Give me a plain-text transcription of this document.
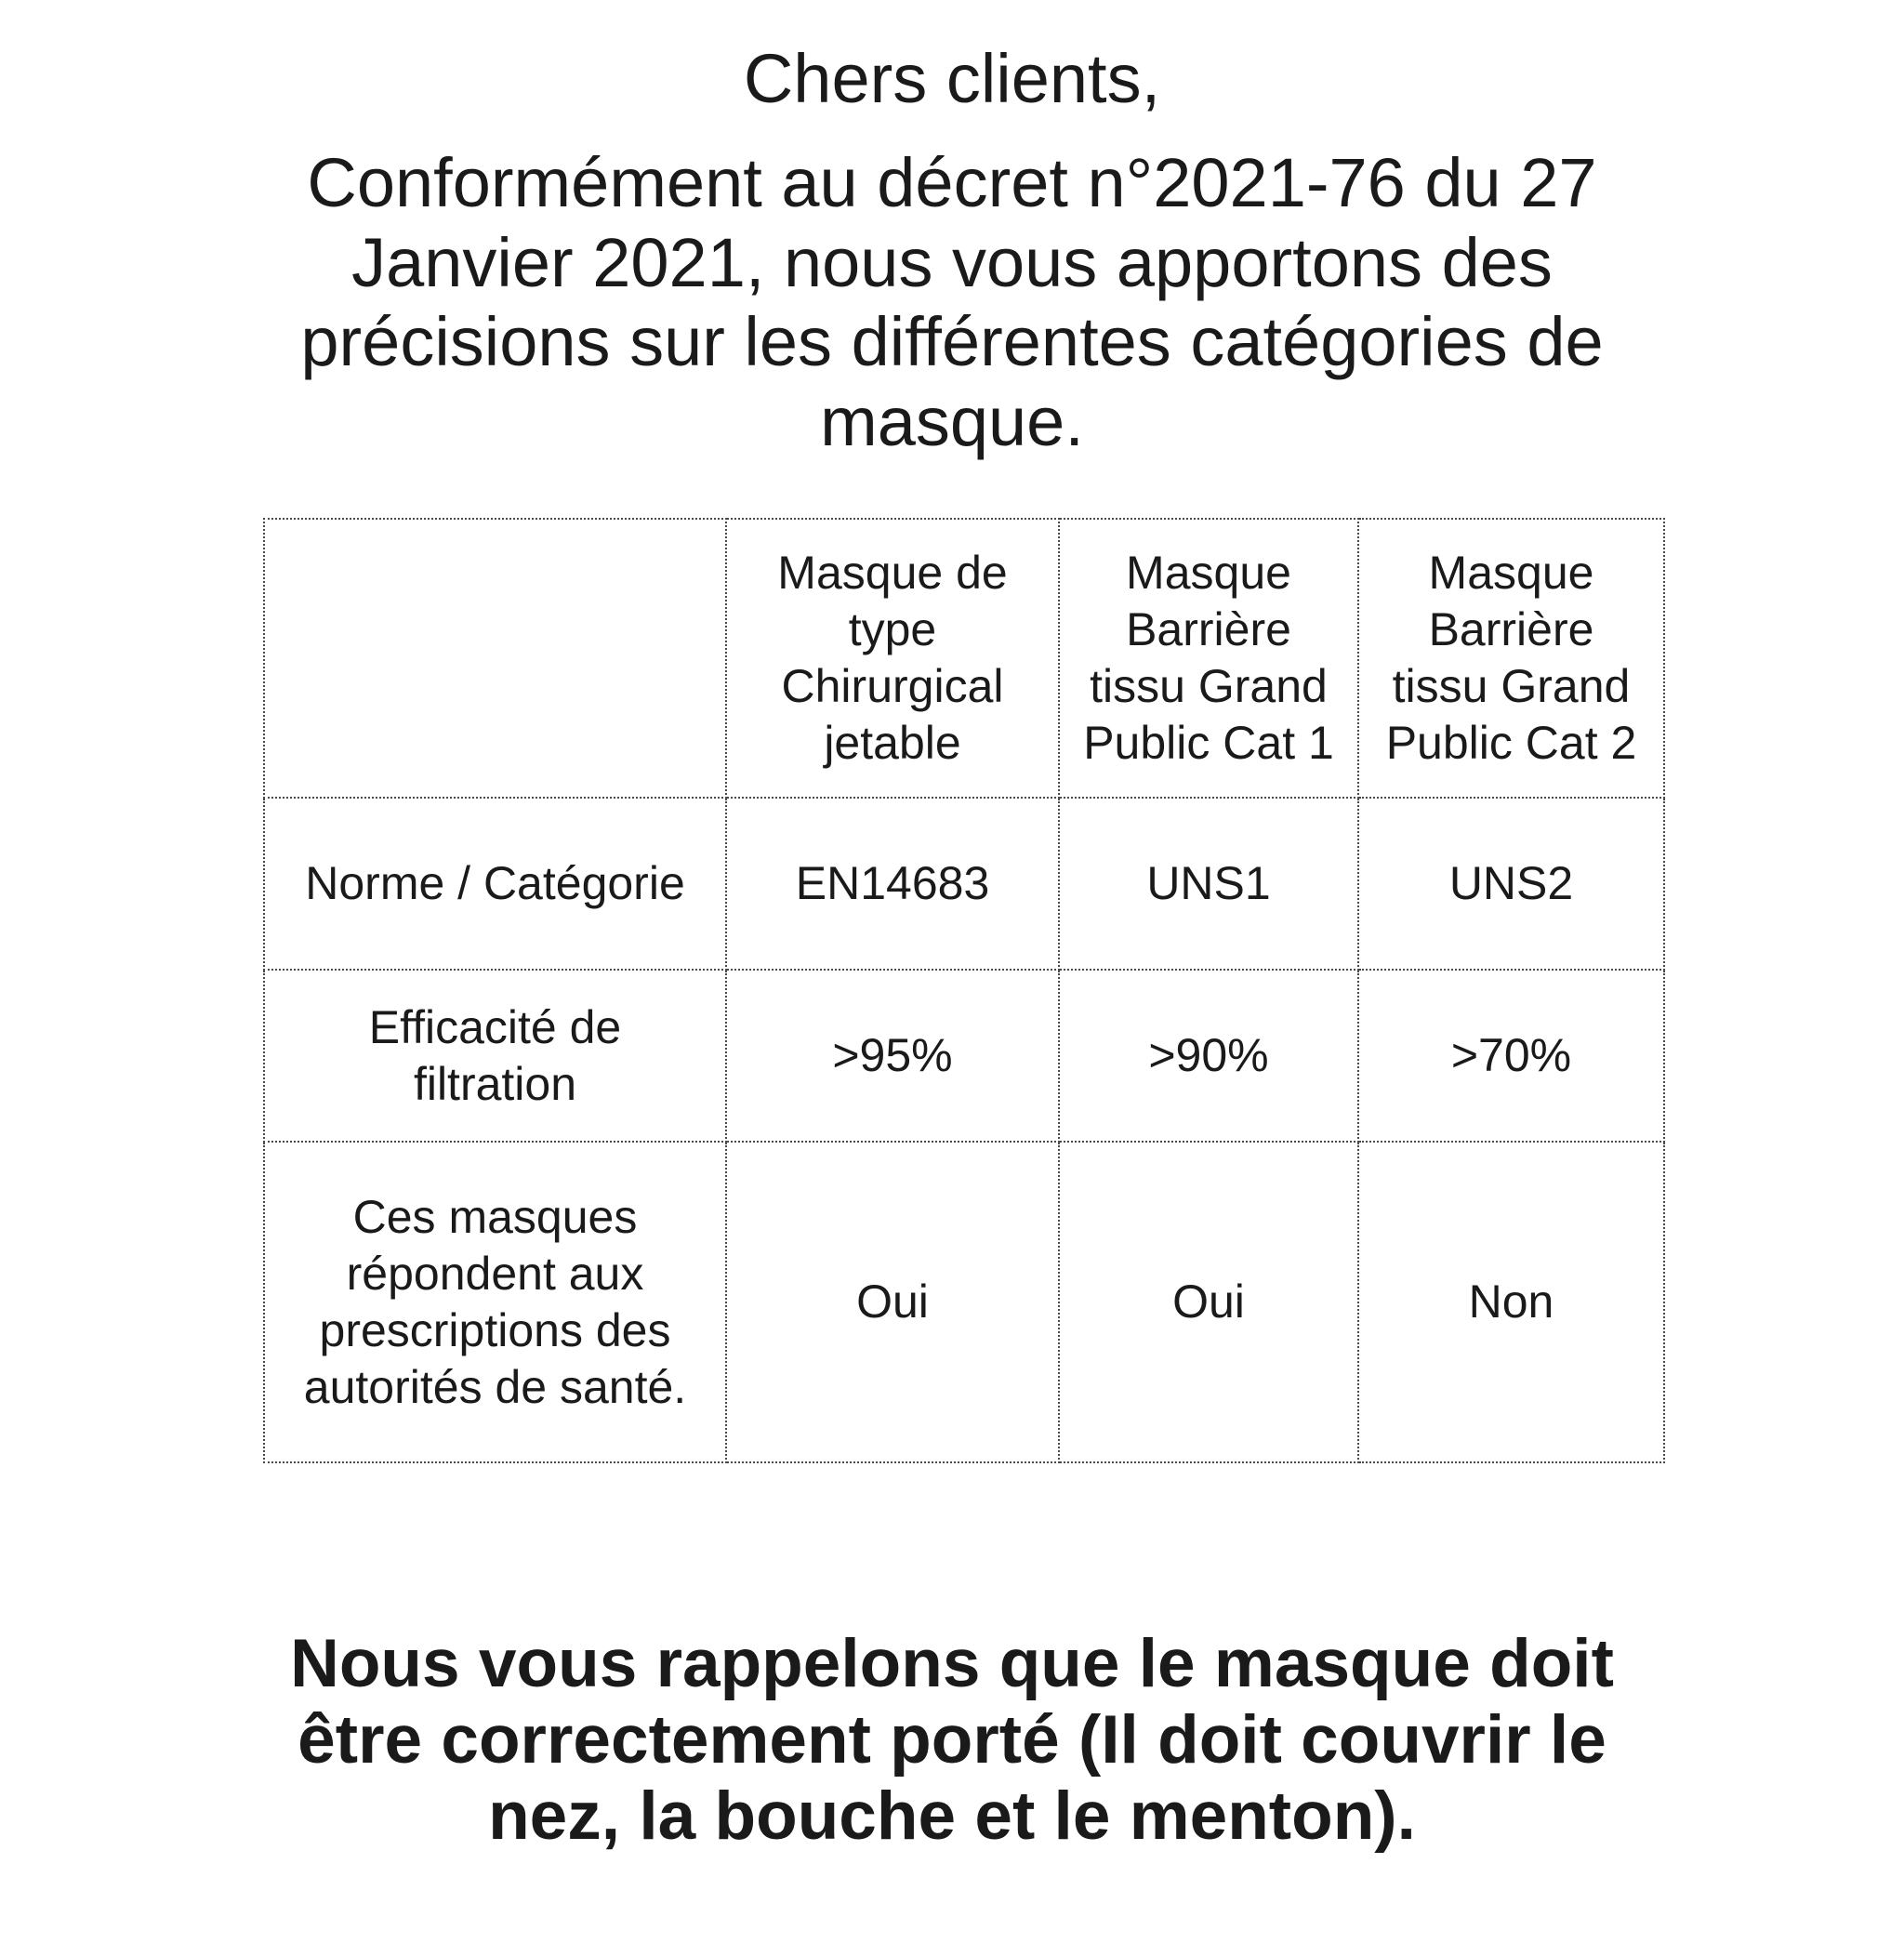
Chers clients,

Conformément au décret n°2021-76 du 27 Janvier 2021, nous vous apportons des précisions sur les différentes catégories de masque.

	Masque de type Chirurgical jetable	Masque Barrière tissu Grand Public Cat 1	Masque Barrière tissu Grand Public Cat 2
Norme / Catégorie	EN14683	UNS1	UNS2
Efficacité de filtration	>95%	>90%	>70%
Ces masques répondent aux prescriptions des autorités de santé.	Oui	Oui	Non

Nous vous rappelons que le masque doit être correctement porté (Il doit couvrir le nez, la bouche et le menton).
